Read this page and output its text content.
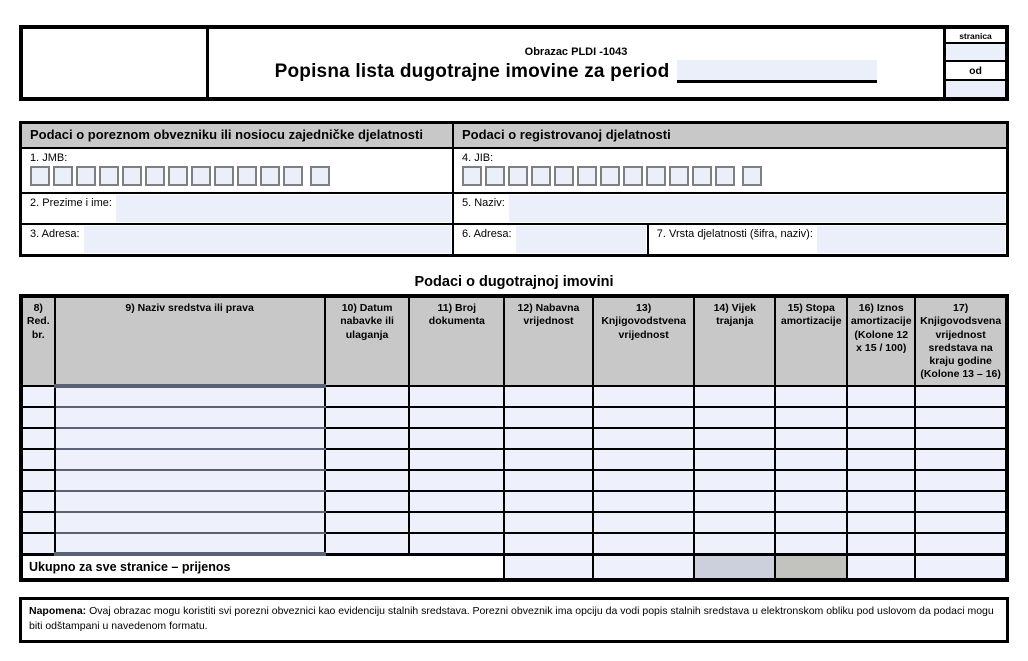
Obrazac PLDI -1043
Popisna lista dugotrajne imovine za period
stranica
od
Podaci o poreznom obvezniku ili nosiocu zajedničke djelatnosti	Podaci o registrovanoj djelatnosti
1. JMB:	4. JIB:
2. Prezime i ime:	5. Naziv:
3. Adresa:	6. Adresa:	7. Vrsta djelatnosti (šifra, naziv):
Podaci o dugotrajnoj imovini
8) Red. br.	9) Naziv sredstva ili prava	10) Datum nabavke ili ulaganja	11) Broj dokumenta	12) Nabavna vrijednost	13) Knjigovodstvena vrijednost	14) Vijek trajanja	15) Stopa amortizacije	16) Iznos amortizacije (Kolone 12 x 15 / 100)	17) Knjigovodsvena vrijednost sredstava na kraju godine (Kolone 13 – 16)

Ukupno za sve stranice – prijenos									
Napomena: Ovaj obrazac mogu koristiti svi porezni obveznici kao evidenciju stalnih sredstava. Porezni obveznik ima opciju da vodi popis stalnih sredstava u elektronskom obliku pod uslovom da podaci mogu biti odštampani u navedenom formatu.
